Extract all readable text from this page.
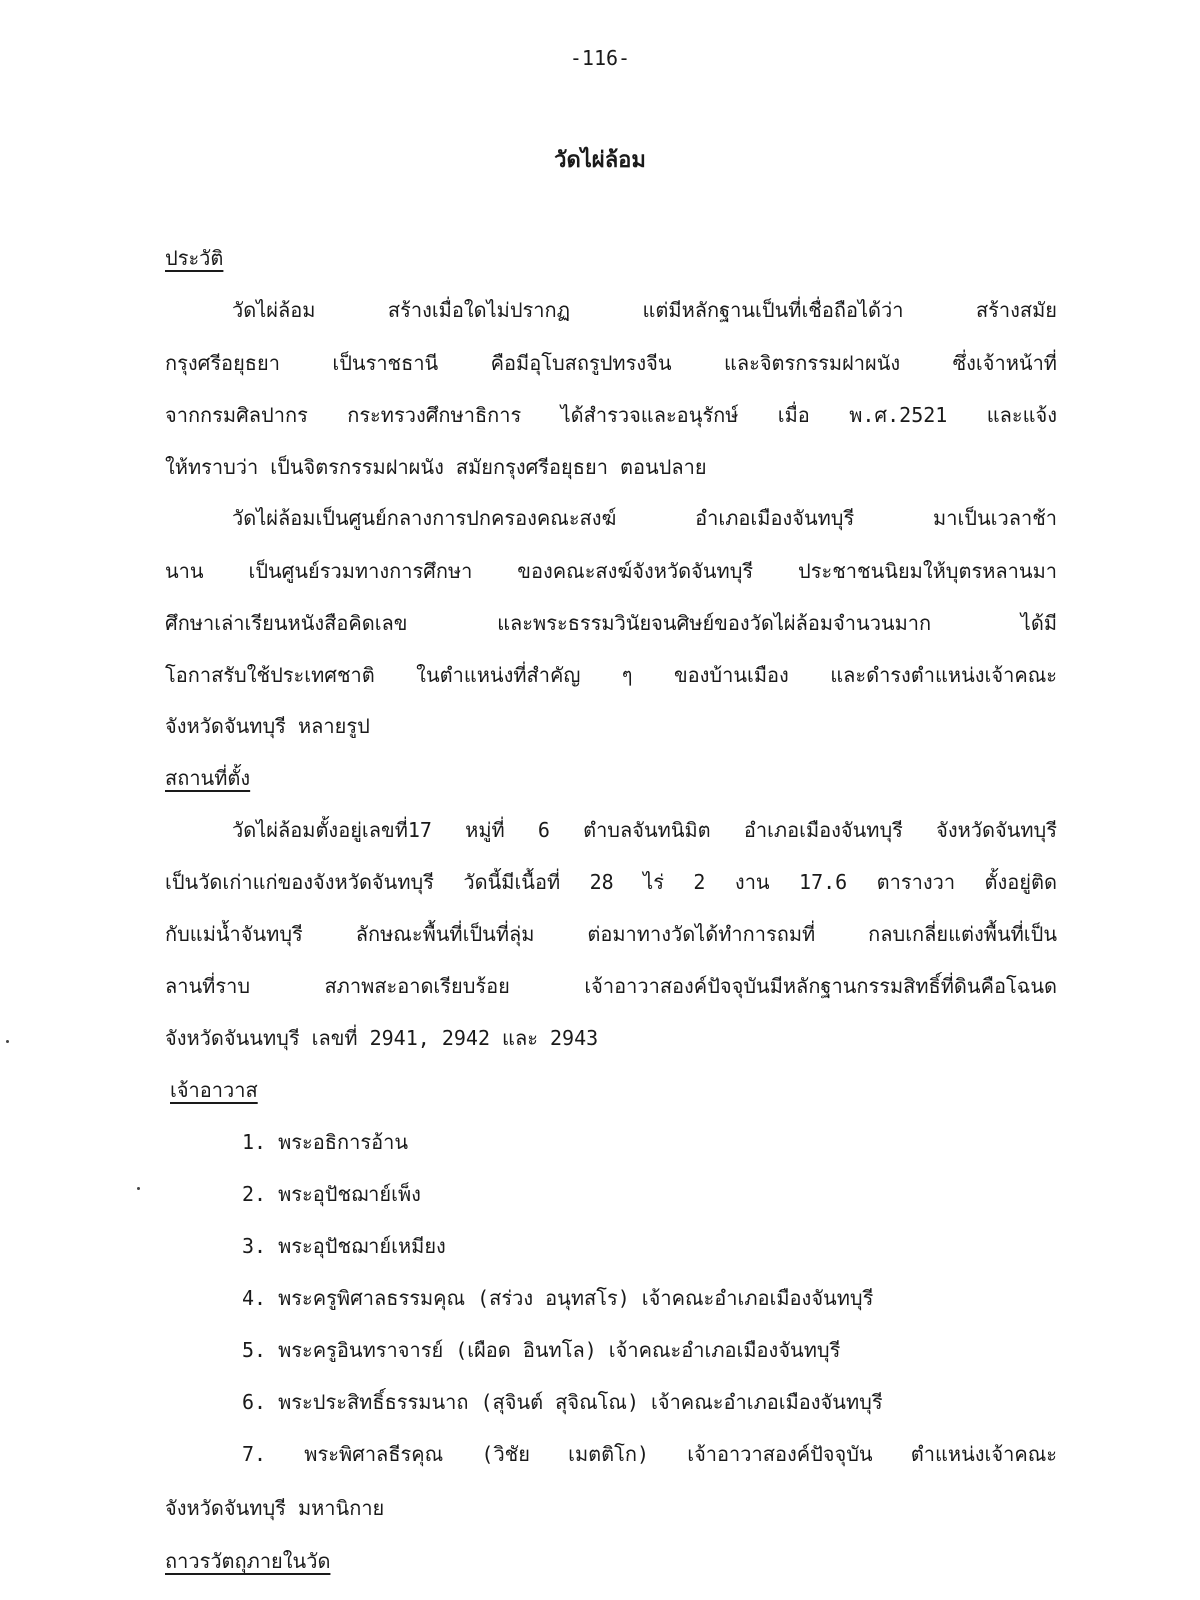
-116-
วัดไผ่ล้อม
ประวัติ
วัดไผ่ล้อม สร้างเมื่อใดไม่ปรากฏ แต่มีหลักฐานเป็นที่เชื่อถือได้ว่า สร้างสมัย
กรุงศรีอยุธยา เป็นราชธานี คือมีอุโบสถรูปทรงจีน และจิตรกรรมฝาผนัง ซึ่งเจ้าหน้าที่
จากกรมศิลปากร กระทรวงศึกษาธิการ ได้สำรวจและอนุรักษ์ เมื่อ พ.ศ.2521 และแจ้ง
ให้ทราบว่า เป็นจิตรกรรมฝาผนัง สมัยกรุงศรีอยุธยา ตอนปลาย
วัดไผ่ล้อมเป็นศูนย์กลางการปกครองคณะสงฆ์ อำเภอเมืองจันทบุรี มาเป็นเวลาช้า
นาน เป็นศูนย์รวมทางการศึกษา ของคณะสงฆ์จังหวัดจันทบุรี ประชาชนนิยมให้บุตรหลานมา
ศึกษาเล่าเรียนหนังสือคิดเลข และพระธรรมวินัยจนศิษย์ของวัดไผ่ล้อมจำนวนมาก ได้มี
โอกาสรับใช้ประเทศชาติ ในตำแหน่งที่สำคัญ ๆ ของบ้านเมือง และดำรงตำแหน่งเจ้าคณะ
จังหวัดจันทบุรี หลายรูป
สถานที่ตั้ง
วัดไผ่ล้อมตั้งอยู่เลขที่17 หมู่ที่ 6 ตำบลจันทนิมิต อำเภอเมืองจันทบุรี จังหวัดจันทบุรี
เป็นวัดเก่าแก่ของจังหวัดจันทบุรี วัดนี้มีเนื้อที่ 28 ไร่ 2 งาน 17.6 ตารางวา ตั้งอยู่ติด
กับแม่น้ำจันทบุรี ลักษณะพื้นที่เป็นที่ลุ่ม ต่อมาทางวัดได้ทำการถมที่ กลบเกลี่ยแต่งพื้นที่เป็น
ลานที่ราบ สภาพสะอาดเรียบร้อย เจ้าอาวาสองค์ปัจจุบันมีหลักฐานกรรมสิทธิ์ที่ดินคือโฉนด
จังหวัดจันนทบุรี เลขที่ 2941, 2942 และ 2943
เจ้าอาวาส
1. พระอธิการอ้าน
2. พระอุปัชฌาย์เพ็ง
3. พระอุปัชฌาย์เหมียง
4. พระครูพิศาลธรรมคุณ (สร่วง อนุทสโร) เจ้าคณะอำเภอเมืองจันทบุรี
5. พระครูอินทราจารย์ (เผือด อินทโล) เจ้าคณะอำเภอเมืองจันทบุรี
6. พระประสิทธิ์ธรรมนาถ (สุจินต์ สุจิณโณ) เจ้าคณะอำเภอเมืองจันทบุรี
7. พระพิศาลธีรคุณ (วิชัย เมตติโก) เจ้าอาวาสองค์ปัจจุบัน ตำแหน่งเจ้าคณะ
จังหวัดจันทบุรี มหานิกาย
ถาวรวัตถุภายในวัด
